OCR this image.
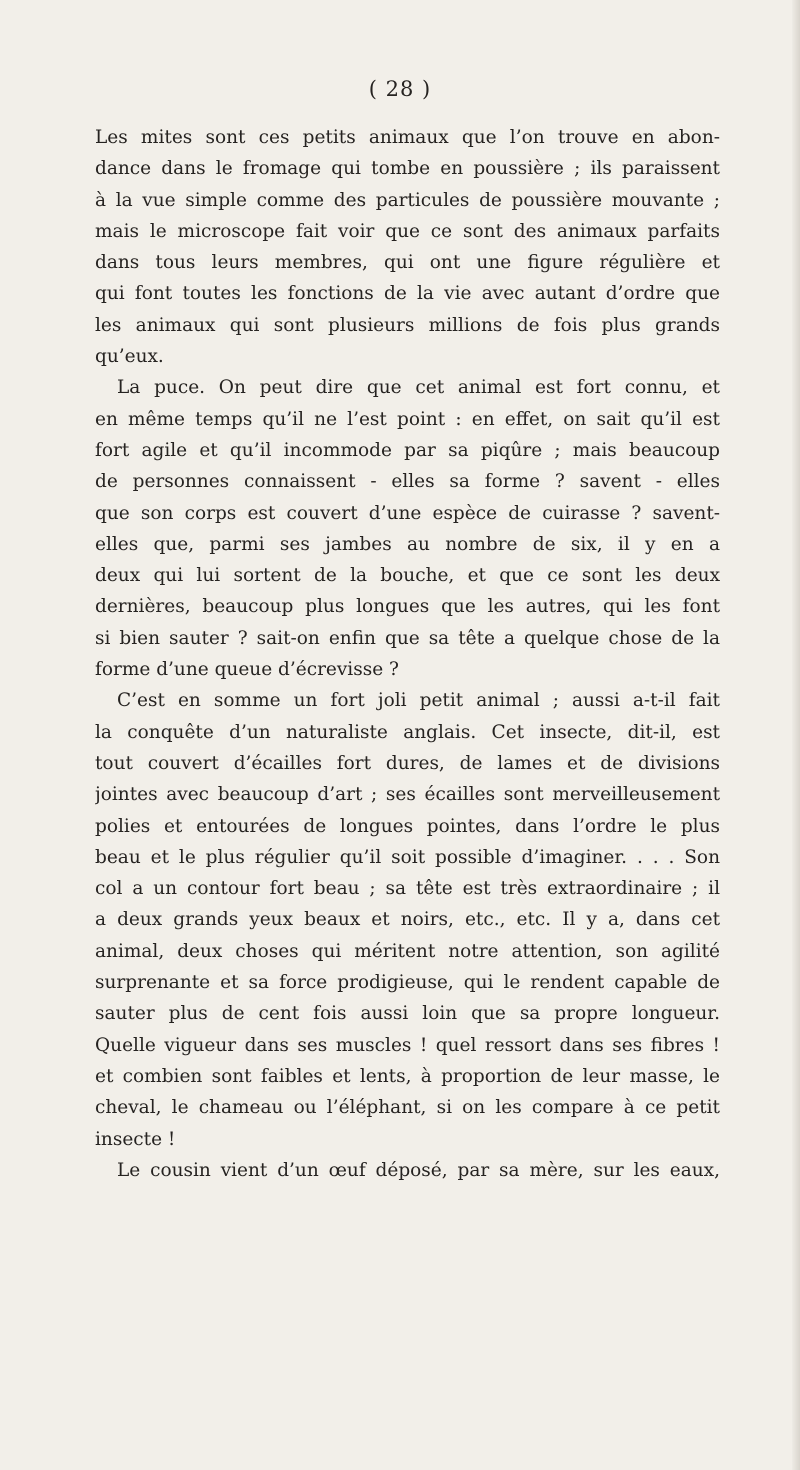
( 28 )
Les mites sont ces petits animaux que l’on trouve en abon-
dance dans le fromage qui tombe en poussière ; ils paraissent
à la vue simple comme des particules de poussière mouvante ;
mais le microscope fait voir que ce sont des animaux parfaits
dans tous leurs membres, qui ont une figure régulière et
qui font toutes les fonctions de la vie avec autant d’ordre que
les animaux qui sont plusieurs millions de fois plus grands
qu’eux.
La puce. On peut dire que cet animal est fort connu, et
en même temps qu’il ne l’est point : en effet, on sait qu’il est
fort agile et qu’il incommode par sa piqûre ; mais beaucoup
de personnes connaissent - elles sa forme ? savent - elles
que son corps est couvert d’une espèce de cuirasse ? savent-
elles que, parmi ses jambes au nombre de six, il y en a
deux qui lui sortent de la bouche, et que ce sont les deux
dernières, beaucoup plus longues que les autres, qui les font
si bien sauter ? sait-on enfin que sa tête a quelque chose de la
forme d’une queue d’écrevisse ?
C’est en somme un fort joli petit animal ; aussi a-t-il fait
la conquête d’un naturaliste anglais. Cet insecte, dit-il, est
tout couvert d’écailles fort dures, de lames et de divisions
jointes avec beaucoup d’art ; ses écailles sont merveilleusement
polies et entourées de longues pointes, dans l’ordre le plus
beau et le plus régulier qu’il soit possible d’imaginer. . . . Son
col a un contour fort beau ; sa tête est très extraordinaire ; il
a deux grands yeux beaux et noirs, etc., etc. Il y a, dans cet
animal, deux choses qui méritent notre attention, son agilité
surprenante et sa force prodigieuse, qui le rendent capable de
sauter plus de cent fois aussi loin que sa propre longueur.
Quelle vigueur dans ses muscles ! quel ressort dans ses fibres !
et combien sont faibles et lents, à proportion de leur masse, le
cheval, le chameau ou l’éléphant, si on les compare à ce petit
insecte !
Le cousin vient d’un œuf déposé, par sa mère, sur les eaux,
